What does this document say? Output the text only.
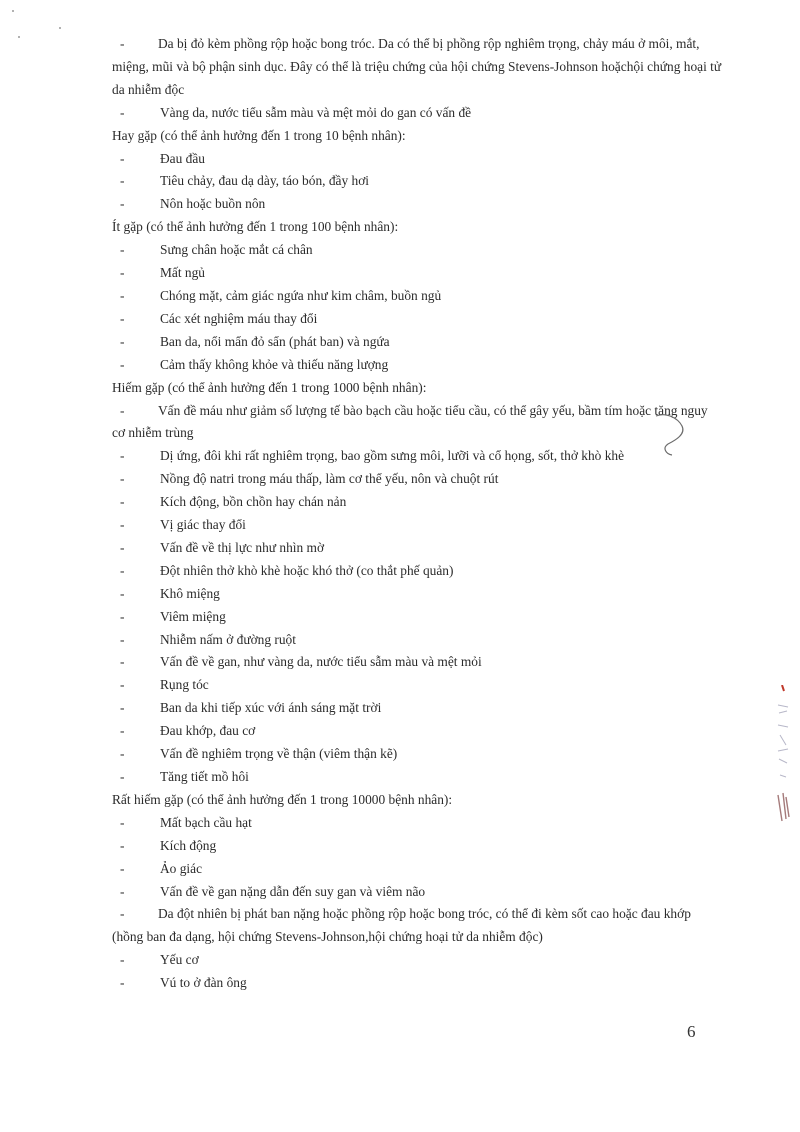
-	Da bị đỏ kèm phồng rộp hoặc bong tróc. Da có thể bị phồng rộp nghiêm trọng, chảy máu ở môi, mắt, miệng, mũi và bộ phận sinh dục. Đây có thể là triệu chứng của hội chứng Stevens-Johnson hoặchội chứng hoại tử da nhiễm độc
-	Vàng da, nước tiểu sẫm màu và mệt mỏi do gan có vấn đề
Hay gặp (có thể ảnh hưởng đến 1 trong 10 bệnh nhân):
-	Đau đầu
-	Tiêu chảy, đau dạ dày, táo bón, đầy hơi
-	Nôn hoặc buồn nôn
Ít gặp (có thể ảnh hưởng đến 1 trong 100 bệnh nhân):
-	Sưng chân hoặc mắt cá chân
-	Mất ngủ
-	Chóng mặt, cảm giác ngứa như kim châm, buồn ngủ
-	Các xét nghiệm máu thay đổi
-	Ban da, nổi mẩn đỏ sẩn (phát ban) và ngứa
-	Cảm thấy không khỏe và thiếu năng lượng
Hiếm gặp (có thể ảnh hưởng đến 1 trong 1000 bệnh nhân):
-	Vấn đề máu như giảm số lượng tế bào bạch cầu hoặc tiểu cầu, có thể gây yếu, bầm tím hoặc tăng nguy cơ nhiễm trùng
-	Dị ứng, đôi khi rất nghiêm trọng, bao gồm sưng môi, lưỡi và cổ họng, sốt, thở khò khè
-	Nồng độ natri trong máu thấp, làm cơ thể yếu, nôn và chuột rút
-	Kích động, bồn chồn hay chán nản
-	Vị giác thay đổi
-	Vấn đề về thị lực như nhìn mờ
-	Đột nhiên thở khò khè hoặc khó thở (co thắt phế quản)
-	Khô miệng
-	Viêm miệng
-	Nhiễm nấm ở đường ruột
-	Vấn đề về gan, như vàng da, nước tiểu sẫm màu và mệt mỏi
-	Rụng tóc
-	Ban da khi tiếp xúc với ánh sáng mặt trời
-	Đau khớp, đau cơ
-	Vấn đề nghiêm trọng về thận (viêm thận kẽ)
-	Tăng tiết mồ hôi
Rất hiếm gặp (có thể ảnh hưởng đến 1 trong 10000 bệnh nhân):
-	Mất bạch cầu hạt
-	Kích động
-	Ảo giác
-	Vấn đề về gan nặng dẫn đến suy gan và viêm não
-	Da đột nhiên bị phát ban nặng hoặc phồng rộp hoặc bong tróc, có thể đi kèm sốt cao hoặc đau khớp (hồng ban đa dạng, hội chứng Stevens-Johnson,hội chứng hoại tử da nhiễm độc)
-	Yếu cơ
-	Vú to ở đàn ông
6
